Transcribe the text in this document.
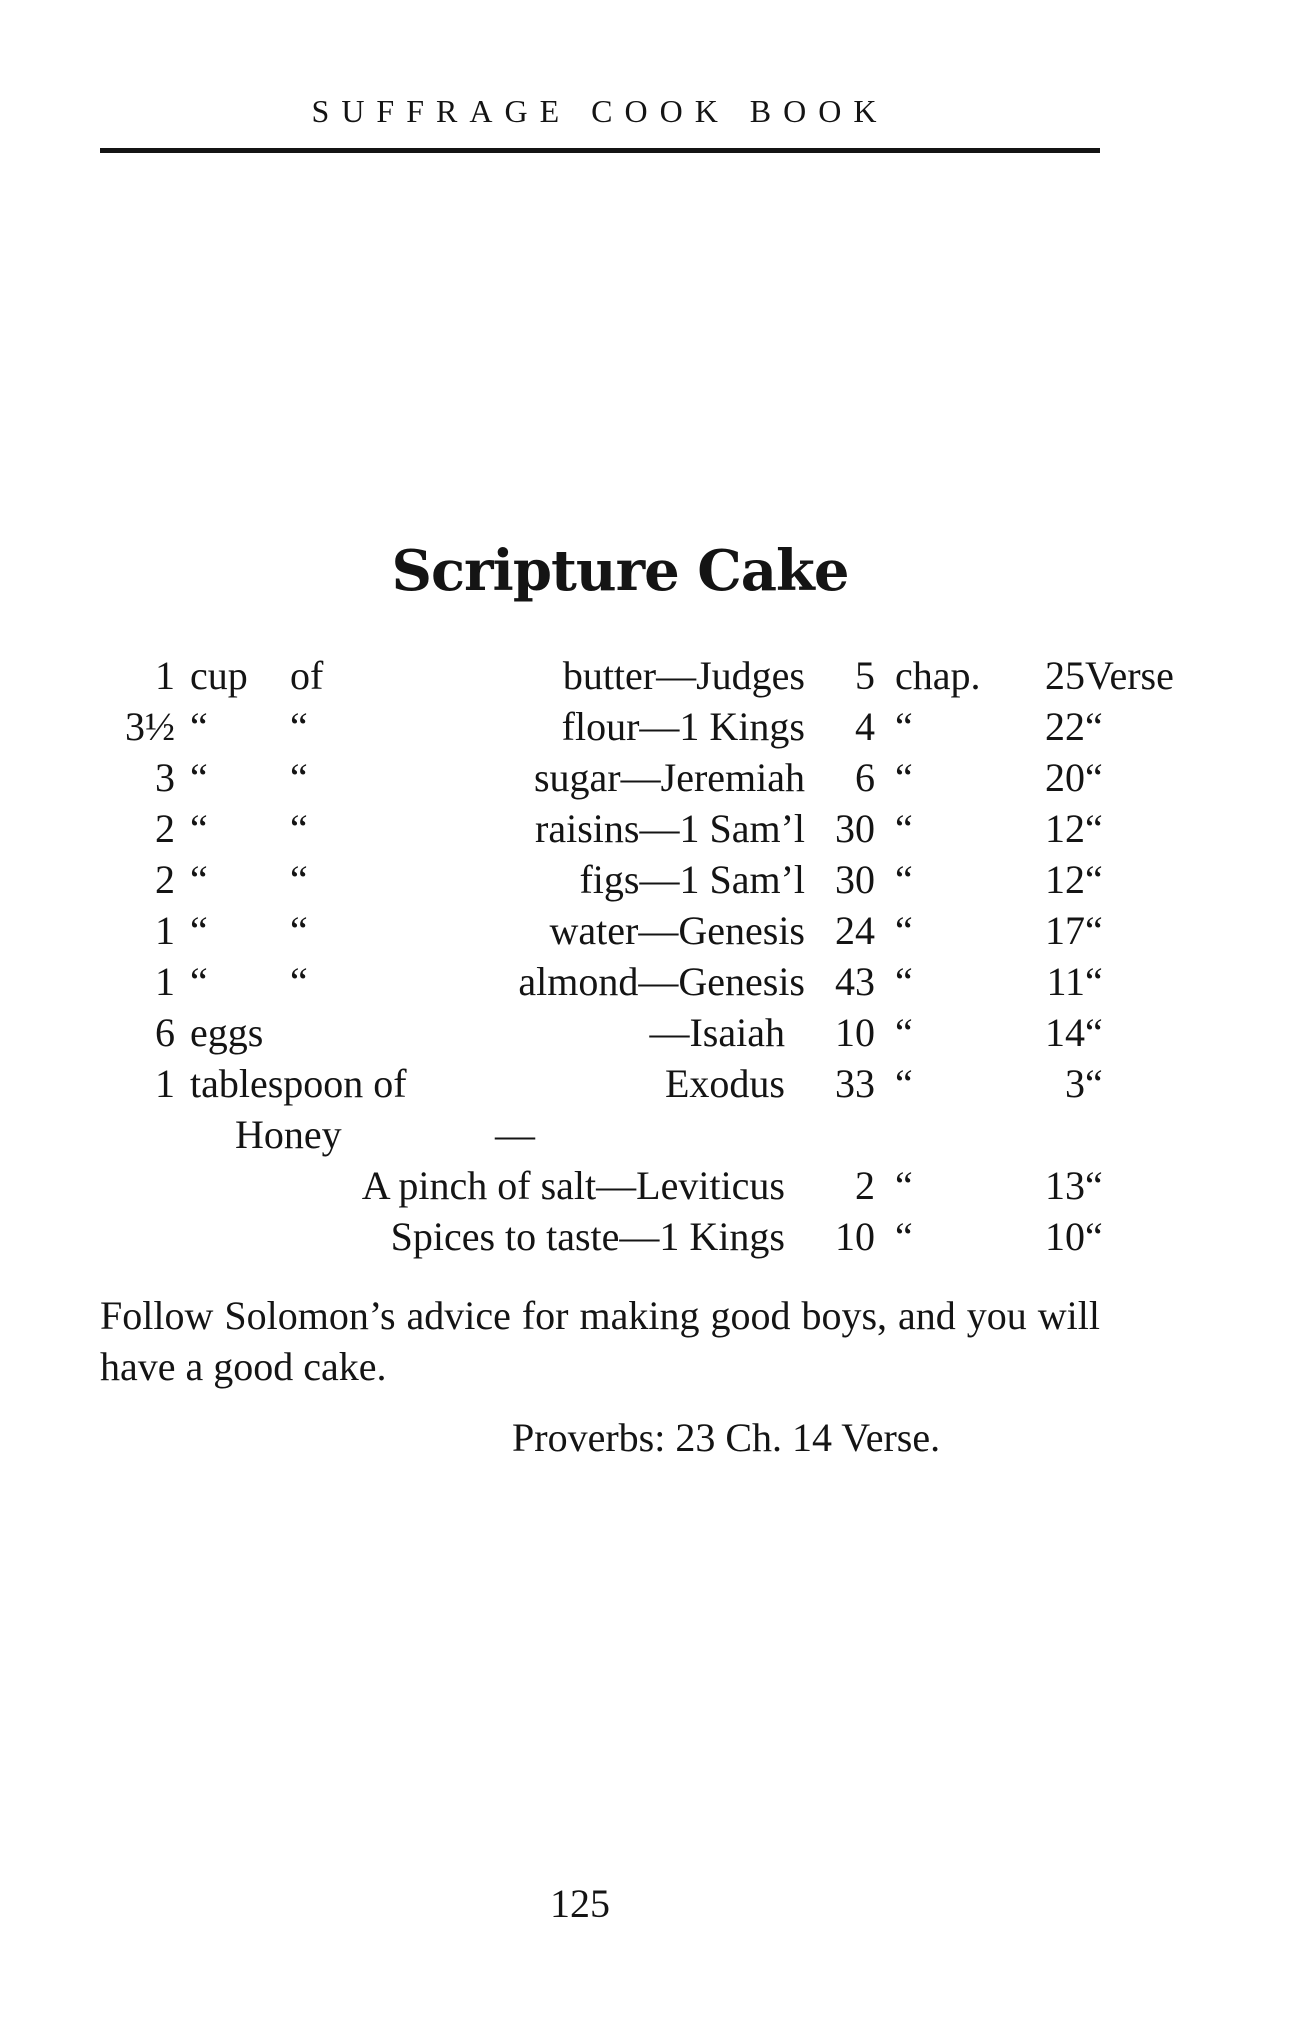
SUFFRAGE COOK BOOK
Scripture Cake
1 cup of	butter—Judges	5 chap.	25 Verse
3½ “ “	flour—1 Kings	4 “	22 “
3 “ “	sugar—Jeremiah	6 “	20 “
2 “ “	raisins—1 Sam’l 30 “	12 “
2 “ “	figs—1 Sam’l 30 “	12 “
1 “ “	water—Genesis 24 “	17 “
1 “ “	almond—Genesis 43 “	11 “
6 eggs	—Isaiah	10 “	14 “
1 tablespoon of	Exodus	33 “	3 “
Honey	—
A pinch of salt—Leviticus	2 “	13 “
Spices to taste—1 Kings	10 “	10 “
Follow Solomon’s advice for making good boys, and you will have a good cake.
Proverbs: 23 Ch. 14 Verse.
125
